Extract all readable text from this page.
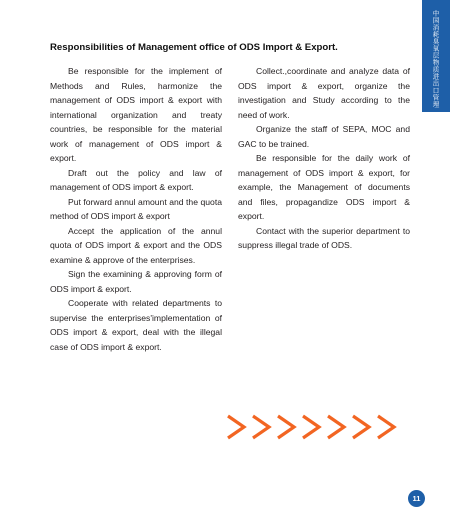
中国消耗臭氧层物质进出口管理
Responsibilities of Management office of ODS Import & Export.

Be responsible for the implement of Methods and Rules, harmonize the management of ODS import & export with international organization and treaty countries, be responsible for the material work of management of ODS import & export.

Draft out the policy and law of management of ODS import & export.

Put forward annul amount and the quota method of ODS import & export

Accept the application of the annul quota of ODS import & export and the ODS examine & approve of the enterprises.

Sign the examining & approving form of ODS import & export.

Cooperate with related departments to supervise the enterprises'implementation of ODS import & export, deal with the illegal case of ODS import & export.

Collect.,coordinate and analyze data of ODS import & export, organize the investigation and Study according to the need of work.

Organize the staff of SEPA, MOC and GAC to be trained.

Be responsible for the daily work of management of ODS import & export, for example, the Management of documents and files, propagandize ODS import & export.

Contact with the superior department to suppress illegal trade of ODS.

11
